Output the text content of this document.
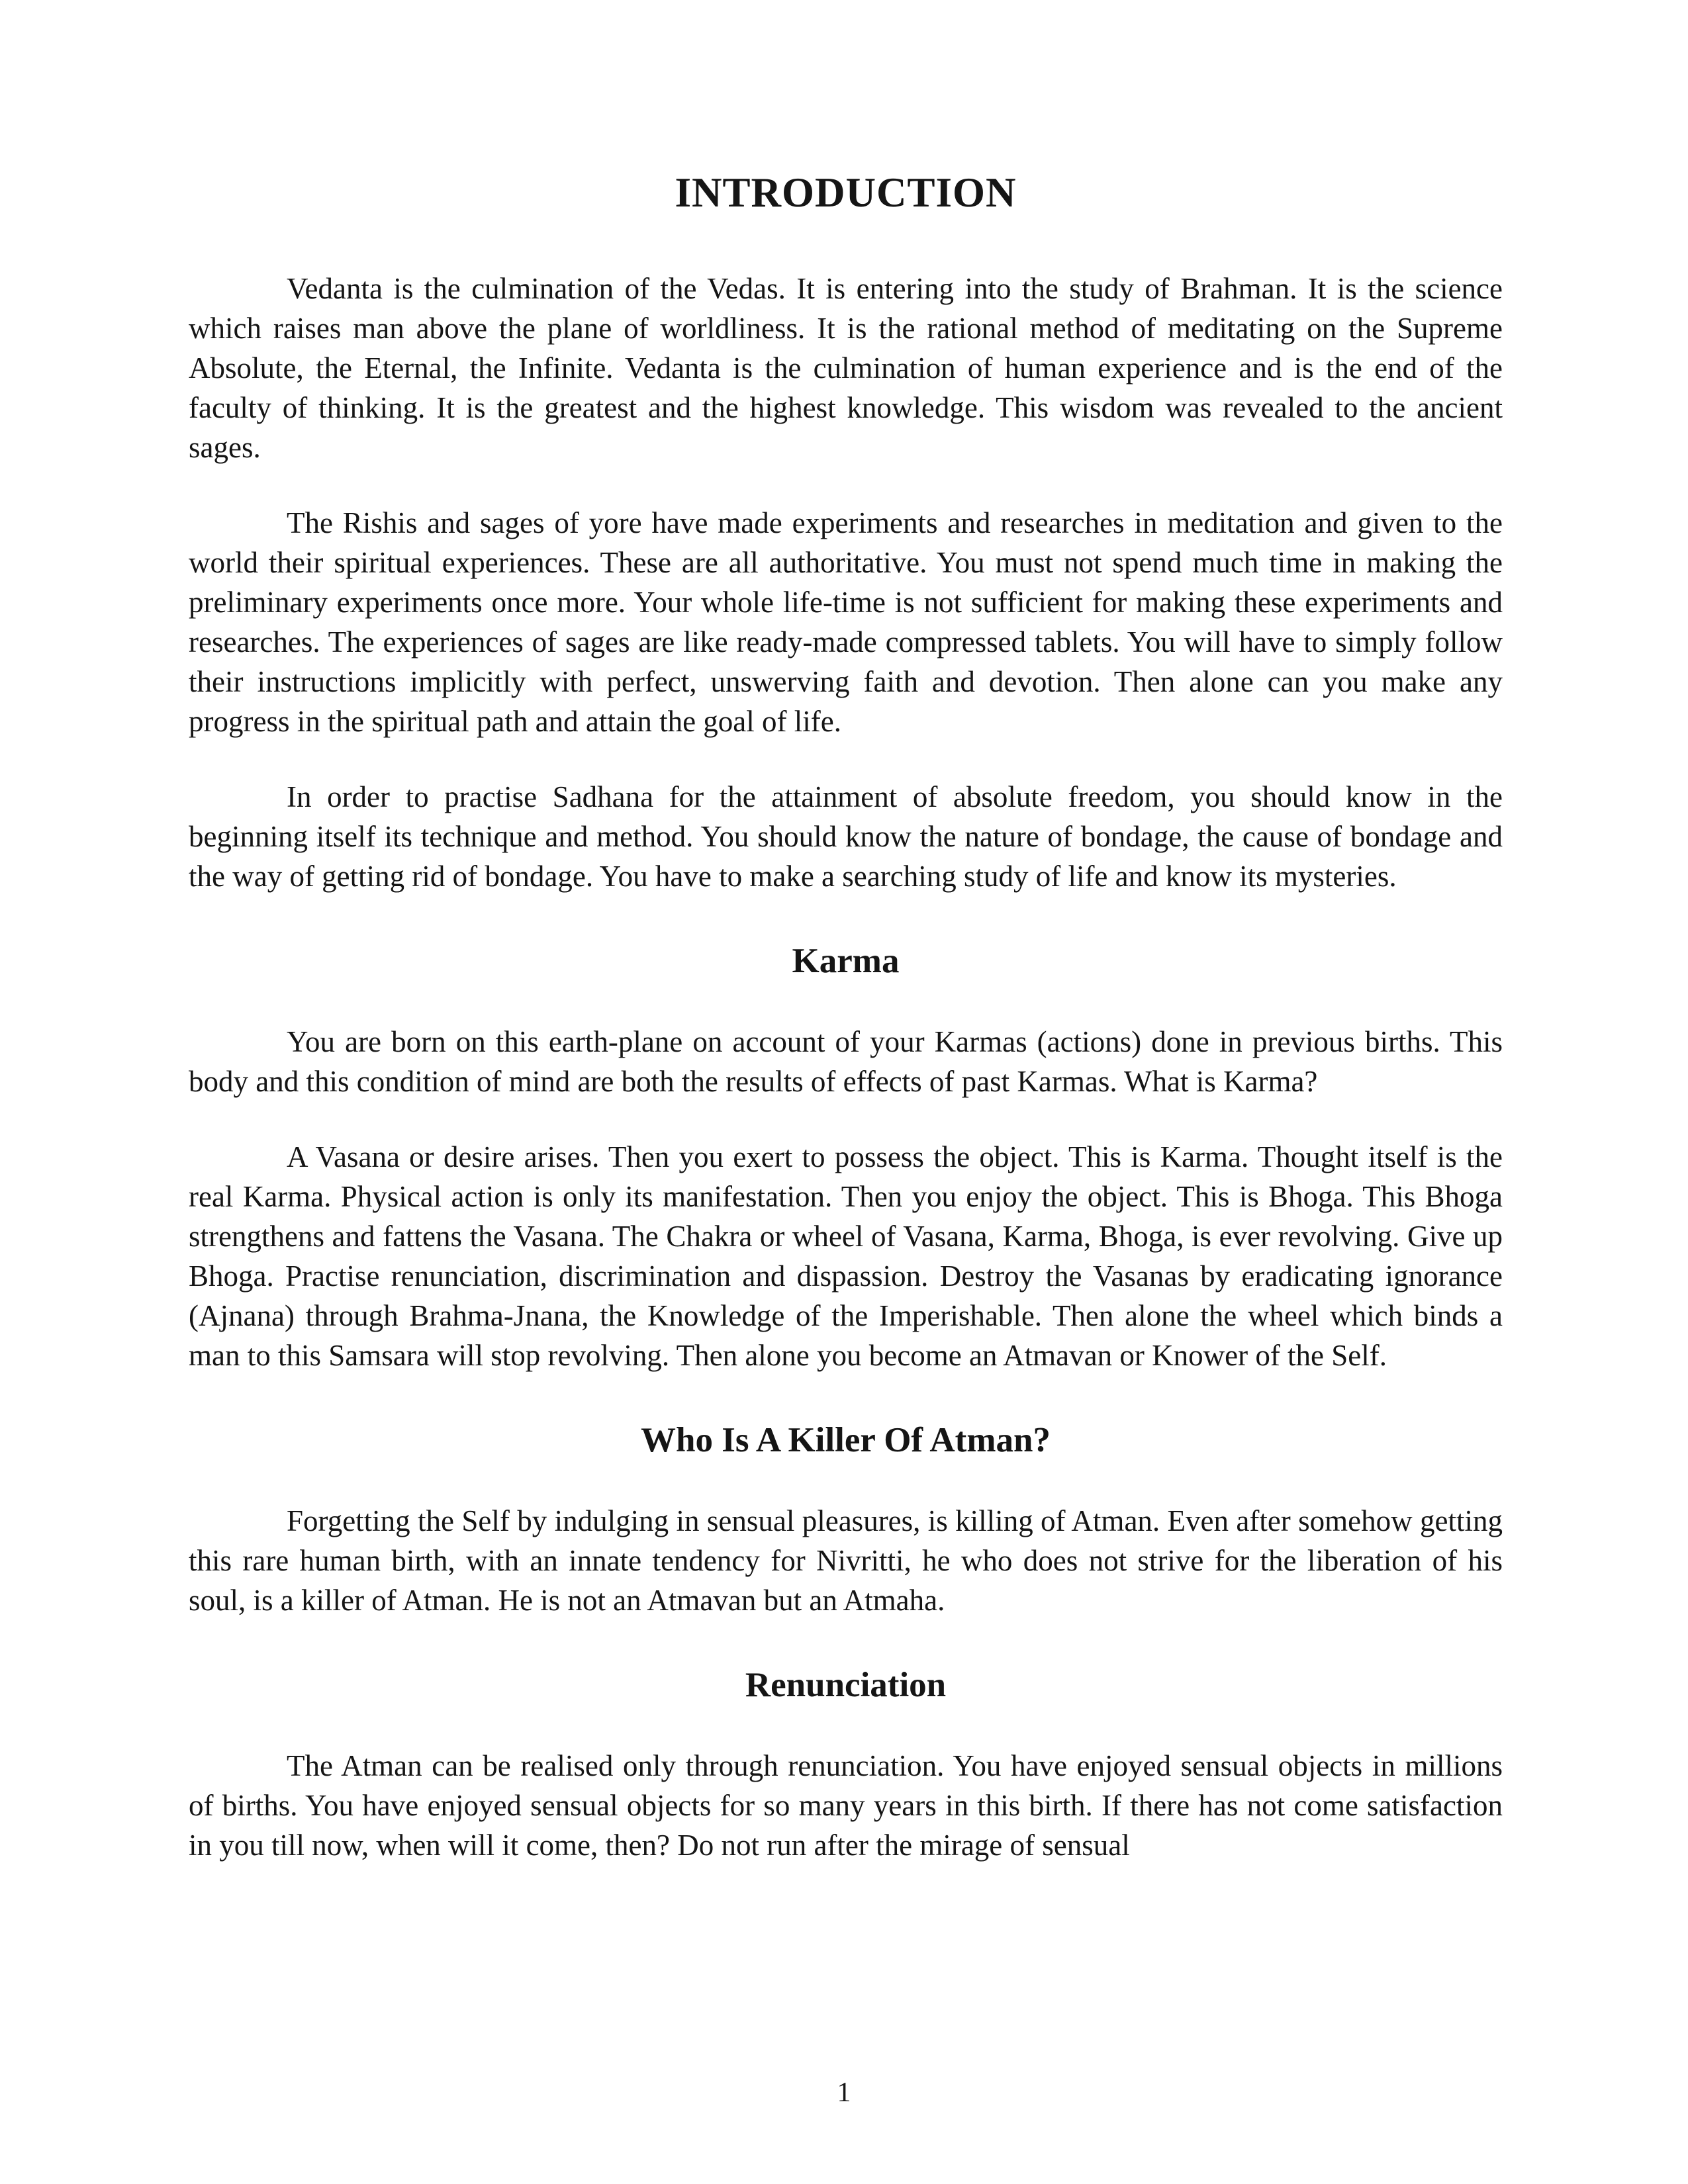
INTRODUCTION

Vedanta is the culmination of the Vedas. It is entering into the study of Brahman. It is the science which raises man above the plane of worldliness. It is the rational method of meditating on the Supreme Absolute, the Eternal, the Infinite. Vedanta is the culmination of human experience and is the end of the faculty of thinking. It is the greatest and the highest knowledge. This wisdom was revealed to the ancient sages.

The Rishis and sages of yore have made experiments and researches in meditation and given to the world their spiritual experiences. These are all authoritative. You must not spend much time in making the preliminary experiments once more. Your whole life-time is not sufficient for making these experiments and researches. The experiences of sages are like ready-made compressed tablets. You will have to simply follow their instructions implicitly with perfect, unswerving faith and devotion. Then alone can you make any progress in the spiritual path and attain the goal of life.

In order to practise Sadhana for the attainment of absolute freedom, you should know in the beginning itself its technique and method. You should know the nature of bondage, the cause of bondage and the way of getting rid of bondage. You have to make a searching study of life and know its mysteries.

Karma

You are born on this earth-plane on account of your Karmas (actions) done in previous births. This body and this condition of mind are both the results of effects of past Karmas. What is Karma?

A Vasana or desire arises. Then you exert to possess the object. This is Karma. Thought itself is the real Karma. Physical action is only its manifestation. Then you enjoy the object. This is Bhoga. This Bhoga strengthens and fattens the Vasana. The Chakra or wheel of Vasana, Karma, Bhoga, is ever revolving. Give up Bhoga. Practise renunciation, discrimination and dispassion. Destroy the Vasanas by eradicating ignorance (Ajnana) through Brahma-Jnana, the Knowledge of the Imperishable. Then alone the wheel which binds a man to this Samsara will stop revolving. Then alone you become an Atmavan or Knower of the Self.

Who Is A Killer Of Atman?

Forgetting the Self by indulging in sensual pleasures, is killing of Atman. Even after somehow getting this rare human birth, with an innate tendency for Nivritti, he who does not strive for the liberation of his soul, is a killer of Atman. He is not an Atmavan but an Atmaha.

Renunciation

The Atman can be realised only through renunciation. You have enjoyed sensual objects in millions of births. You have enjoyed sensual objects for so many years in this birth. If there has not come satisfaction in you till now, when will it come, then? Do not run after the mirage of sensual

1
